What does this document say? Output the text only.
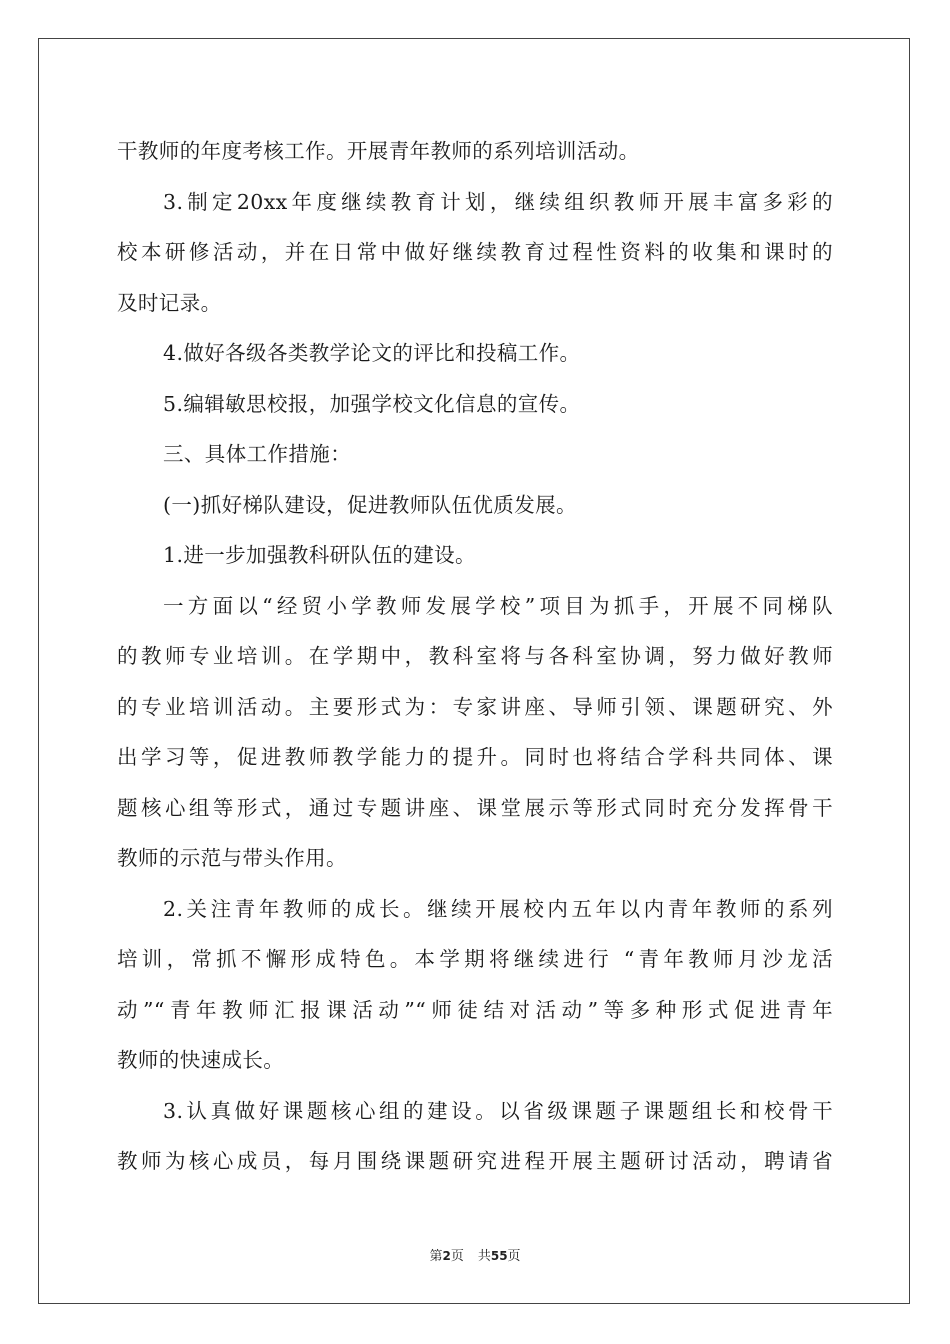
干教师的年度考核工作。开展青年教师的系列培训活动。
3.制定20xx年度继续教育计划，继续组织教师开展丰富多彩的
校本研修活动，并在日常中做好继续教育过程性资料的收集和课时的
及时记录。
4.做好各级各类教学论文的评比和投稿工作。
5.编辑敏思校报，加强学校文化信息的宣传。
三、具体工作措施：
(一)抓好梯队建设，促进教师队伍优质发展。
1.进一步加强教科研队伍的建设。
一方面以“经贸小学教师发展学校”项目为抓手，开展不同梯队
的教师专业培训。在学期中，教科室将与各科室协调，努力做好教师
的专业培训活动。主要形式为：专家讲座、导师引领、课题研究、外
出学习等，促进教师教学能力的提升。同时也将结合学科共同体、课
题核心组等形式，通过专题讲座、课堂展示等形式同时充分发挥骨干
教师的示范与带头作用。
2.关注青年教师的成长。继续开展校内五年以内青年教师的系列
培训，常抓不懈形成特色。本学期将继续进行 “青年教师月沙龙活
动”“青年教师汇报课活动”“师徒结对活动”等多种形式促进青年
教师的快速成长。
3.认真做好课题核心组的建设。以省级课题子课题组长和校骨干
教师为核心成员，每月围绕课题研究进程开展主题研讨活动，聘请省
第2页 共55页
